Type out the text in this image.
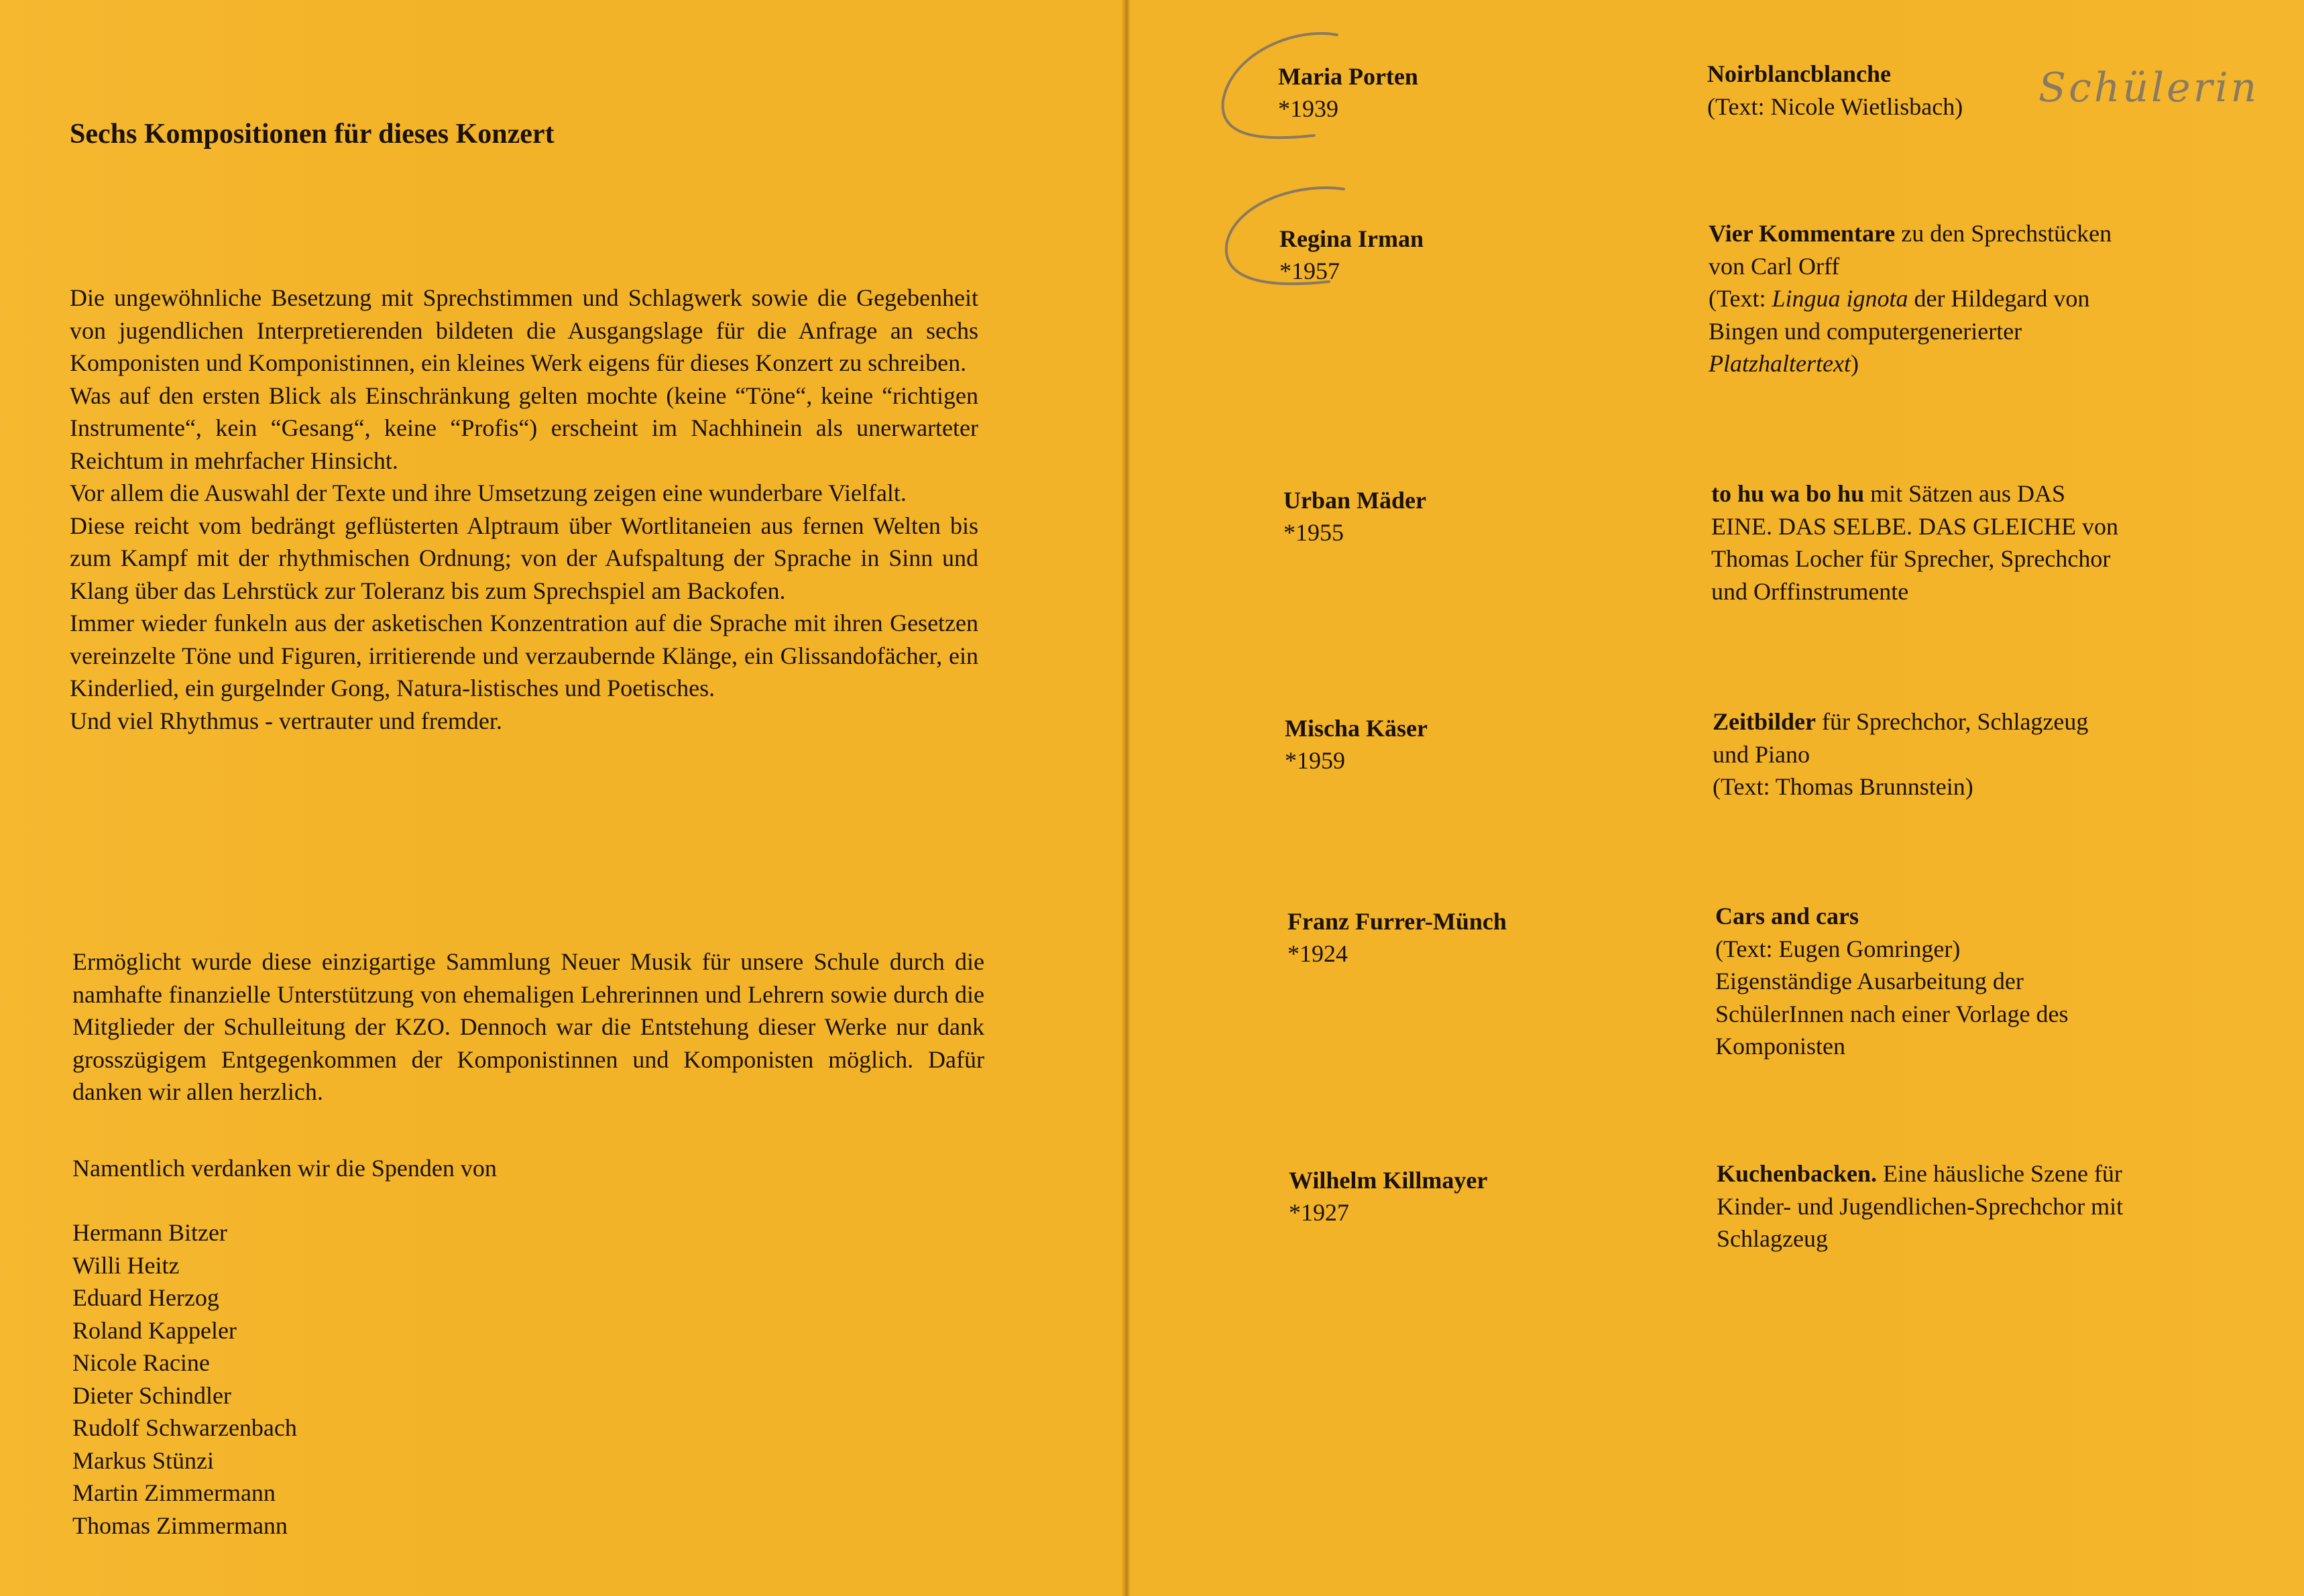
Sechs Kompositionen für dieses Konzert

Die ungewöhnliche Besetzung mit Sprechstimmen und Schlagwerk sowie die Gegebenheit von jugendlichen Interpretierenden bildeten die Ausgangslage für die Anfrage an sechs Komponisten und Komponistinnen, ein kleines Werk eigens für dieses Konzert zu schreiben.

Was auf den ersten Blick als Einschränkung gelten mochte (keine “Töne“, keine “richtigen Instrumente“, kein “Gesang“, keine “Profis“) erscheint im Nachhinein als unerwarteter Reichtum in mehrfacher Hinsicht.

Vor allem die Auswahl der Texte und ihre Umsetzung zeigen eine wunderbare Vielfalt.

Diese reicht vom bedrängt geflüsterten Alptraum über Wortlitaneien aus fernen Welten bis zum Kampf mit der rhythmischen Ordnung; von der Aufspaltung der Sprache in Sinn und Klang über das Lehrstück zur Toleranz bis zum Sprechspiel am Backofen.

Immer wieder funkeln aus der asketischen Konzentration auf die Sprache mit ihren Gesetzen vereinzelte Töne und Figuren, irritierende und verzaubernde Klänge, ein Glissandofächer, ein Kinderlied, ein gurgelnder Gong, Natura-listisches und Poetisches.

Und viel Rhythmus - vertrauter und fremder.

Ermöglicht wurde diese einzigartige Sammlung Neuer Musik für unsere Schule durch die namhafte finanzielle Unterstützung von ehemaligen Lehrerinnen und Lehrern sowie durch die Mitglieder der Schulleitung der KZO. Dennoch war die Entstehung dieser Werke nur dank grosszügigem Entgegenkommen der Komponistinnen und Komponisten möglich. Dafür danken wir allen herzlich.

Namentlich verdanken wir die Spenden von
Hermann Bitzer
Willi Heitz
Eduard Herzog
Roland Kappeler
Nicole Racine
Dieter Schindler
Rudolf Schwarzenbach
Markus Stünzi
Martin Zimmermann
Thomas Zimmermann
Maria Porten
*1939
Noirblancblanche
(Text: Nicole Wietlisbach)
Regina Irman
*1957
Vier Kommentare zu den Sprechstücken
von Carl Orff
(Text: Lingua ignota der Hildegard von
Bingen und computergenerierter
Platzhaltertext)
Urban Mäder
*1955
to hu wa bo hu mit Sätzen aus DAS
EINE. DAS SELBE. DAS GLEICHE von
Thomas Locher für Sprecher, Sprechchor
und Orffinstrumente
Mischa Käser
*1959
Zeitbilder für Sprechchor, Schlagzeug
und Piano
(Text: Thomas Brunnstein)
Franz Furrer-Münch
*1924
Cars and cars
(Text: Eugen Gomringer)
Eigenständige Ausarbeitung der
SchülerInnen nach einer Vorlage des
Komponisten
Wilhelm Killmayer
*1927
Kuchenbacken. Eine häusliche Szene für
Kinder- und Jugendlichen-Sprechchor mit
Schlagzeug
Schülerin
